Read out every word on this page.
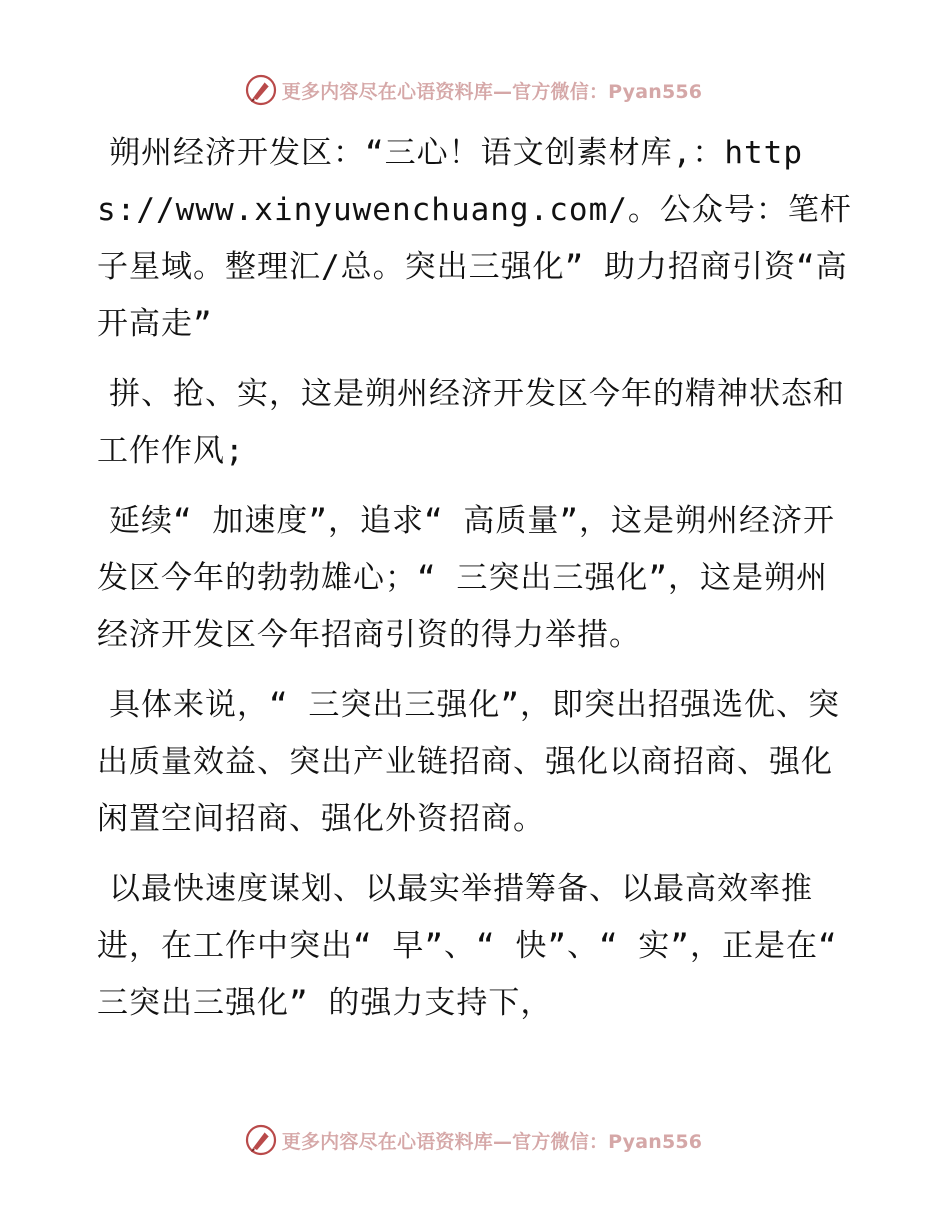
更多内容尽在心语资料库—官方微信：Pyan556

朔州经济开发区：“三心！语文创素材库,：https://www.xinyuwenchuang.com/。公众号：笔杆子星域。整理汇/总。突出三强化” 助力招商引资“高开高走”

拼、抢、实，这是朔州经济开发区今年的精神状态和工作作风;

延续“ 加速度”，追求“ 高质量”，这是朔州经济开发区今年的勃勃雄心；“ 三突出三强化”，这是朔州经济开发区今年招商引资的得力举措。

具体来说，“ 三突出三强化”，即突出招强选优、突出质量效益、突出产业链招商、强化以商招商、强化闲置空间招商、强化外资招商。

以最快速度谋划、以最实举措筹备、以最高效率推进，在工作中突出“ 早”、“ 快”、“ 实”，正是在“ 三突出三强化” 的强力支持下，

更多内容尽在心语资料库—官方微信：Pyan556
